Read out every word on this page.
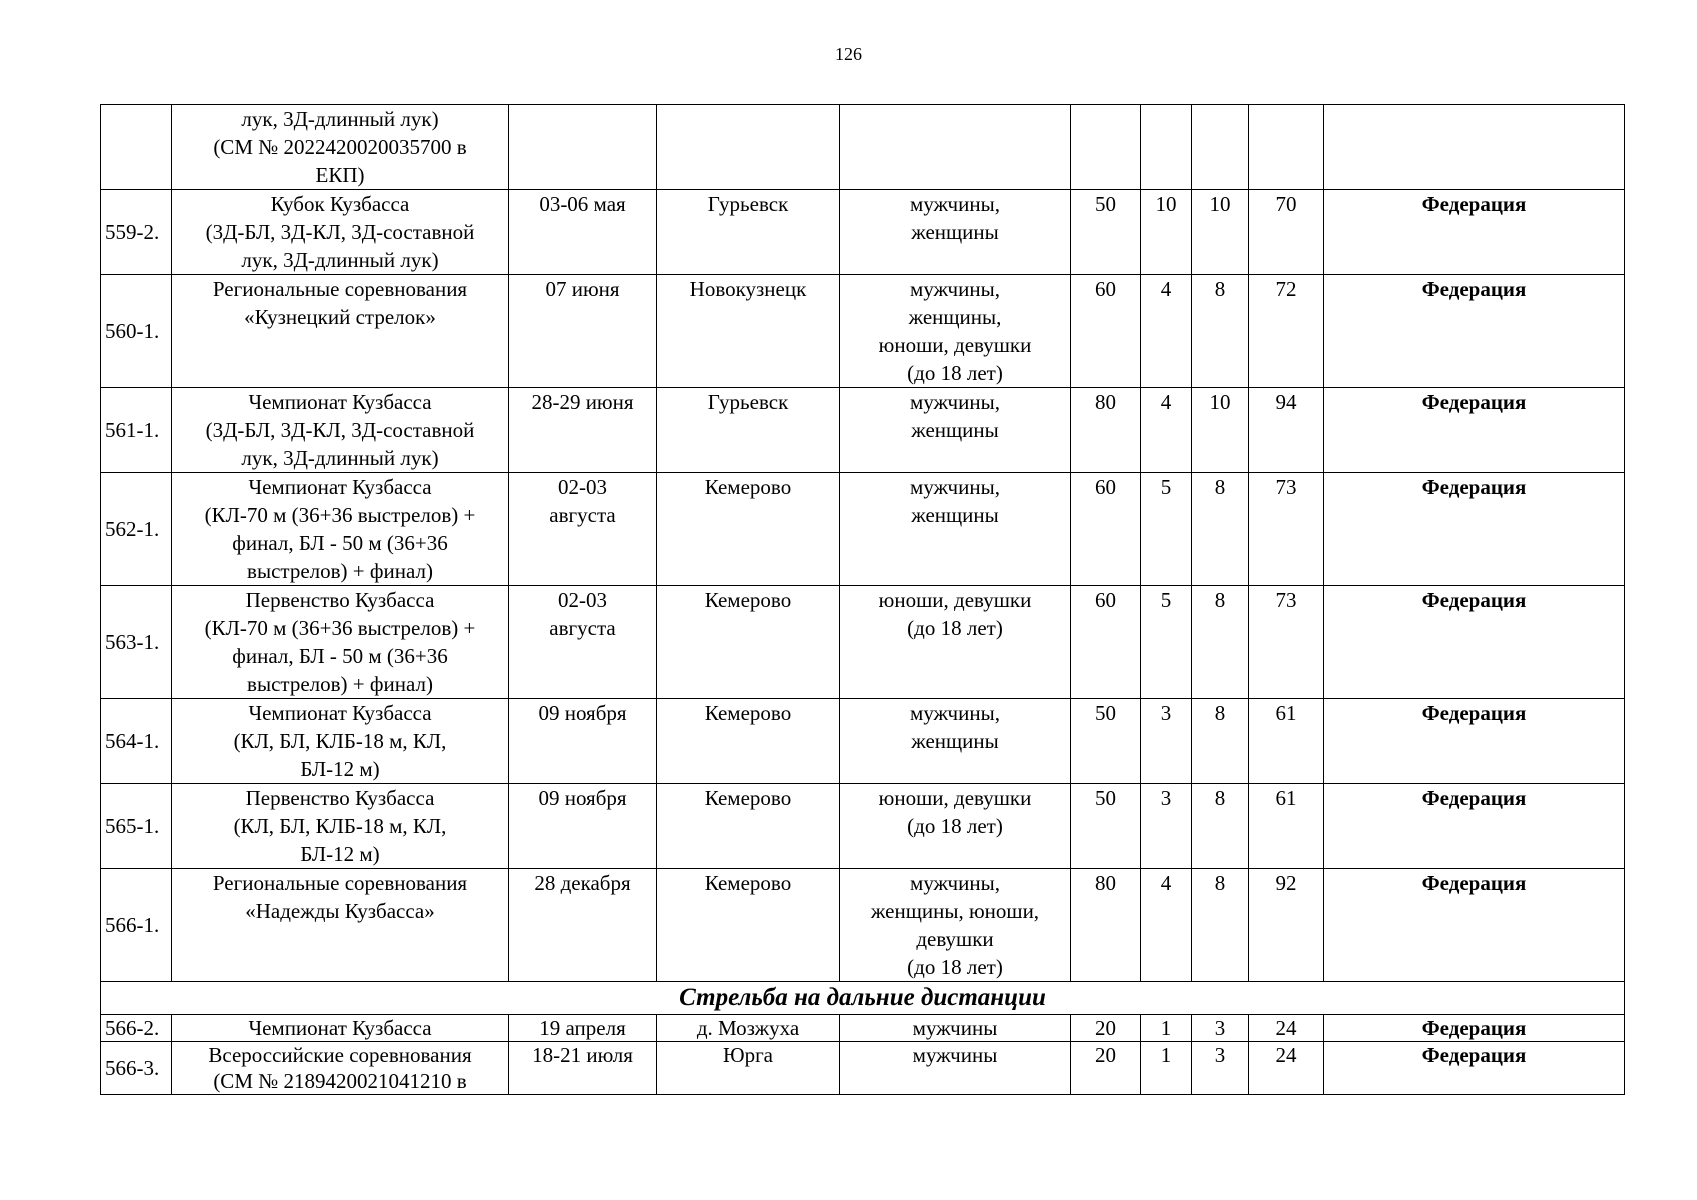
126

	лук, 3Д-длинный лук)
(СМ № 2022420020035700 в
ЕКП)								

559-2.	Кубок Кузбасса
(3Д-БЛ, 3Д-КЛ, 3Д-составной
лук, 3Д-длинный лук)	03-06 мая	Гурьевск	мужчины,
женщины	50	10	10	70	Федерация
560-1.	Региональные соревнования
«Кузнецкий стрелок»	07 июня	Новокузнецк	мужчины,
женщины,
юноши, девушки
(до 18 лет)	60	4	8	72	Федерация
561-1.	Чемпионат Кузбасса
(3Д-БЛ, 3Д-КЛ, 3Д-составной
лук, 3Д-длинный лук)	28-29 июня	Гурьевск	мужчины,
женщины	80	4	10	94	Федерация
562-1.	Чемпионат Кузбасса
(КЛ-70 м (36+36 выстрелов) +
финал, БЛ - 50 м (36+36
выстрелов) + финал)	02-03
августа	Кемерово	мужчины,
женщины	60	5	8	73	Федерация
563-1.	Первенство Кузбасса
(КЛ-70 м (36+36 выстрелов) +
финал, БЛ - 50 м (36+36
выстрелов) + финал)	02-03
августа	Кемерово	юноши, девушки
(до 18 лет)	60	5	8	73	Федерация
564-1.	Чемпионат Кузбасса
(КЛ, БЛ, КЛБ-18 м, КЛ,
БЛ-12 м)	09 ноября	Кемерово	мужчины,
женщины	50	3	8	61	Федерация
565-1.	Первенство Кузбасса
(КЛ, БЛ, КЛБ-18 м, КЛ,
БЛ-12 м)	09 ноября	Кемерово	юноши, девушки
(до 18 лет)	50	3	8	61	Федерация
566-1.	Региональные соревнования
«Надежды Кузбасса»	28 декабря	Кемерово	мужчины,
женщины, юноши,
девушки
(до 18 лет)	80	4	8	92	Федерация
Стрельба на дальние дистанции									
566-2.	Чемпионат Кузбасса	19 апреля	д. Мозжуха	мужчины	20	1	3	24	Федерация
566-3.	Всероссийские соревнования
(СМ № 2189420021041210 в	18-21 июля	Юрга	мужчины	20	1	3	24	Федерация
